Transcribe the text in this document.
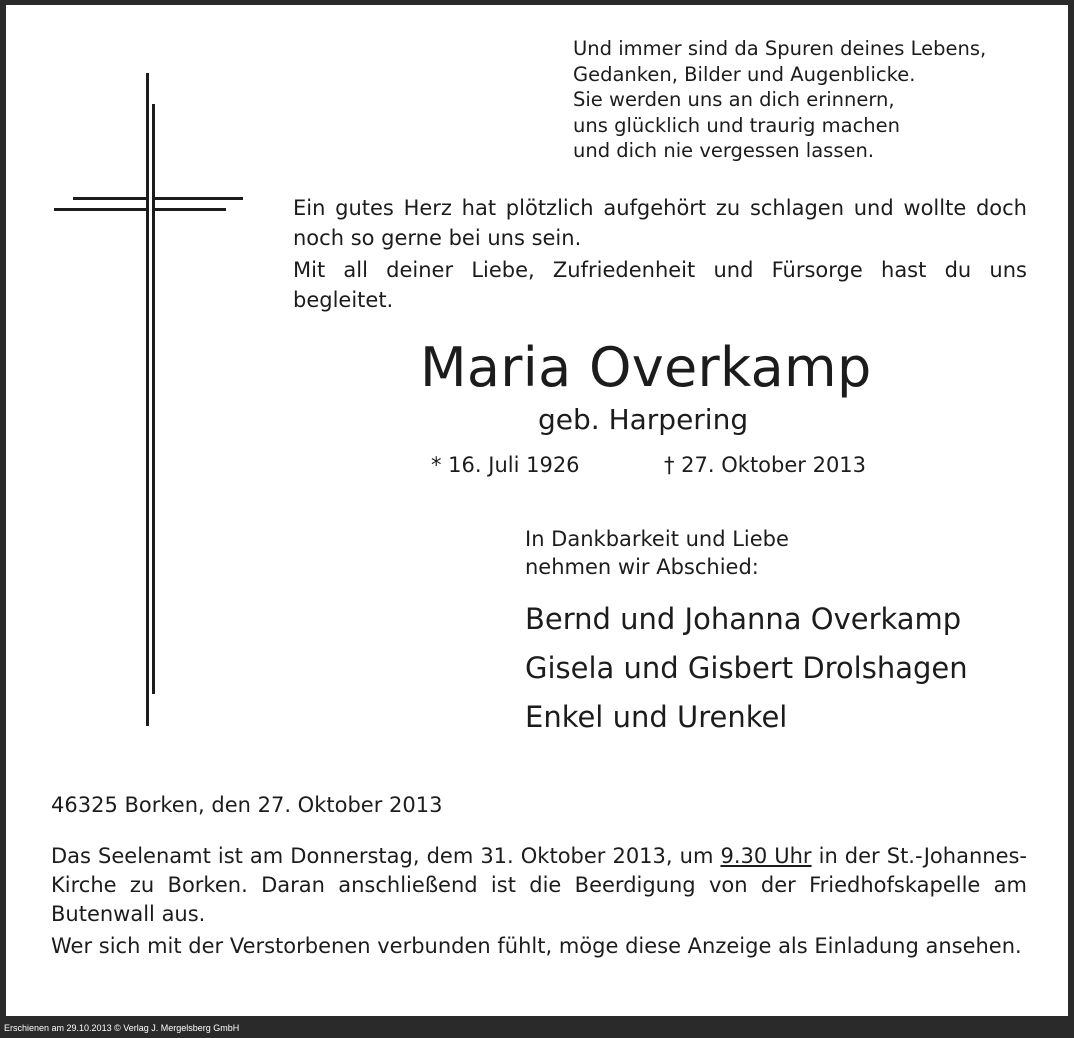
Erschienen am 29.10.2013 © Verlag J. Mergelsberg GmbH
Und immer sind da Spuren deines Lebens,
Gedanken, Bilder und Augenblicke.
Sie werden uns an dich erinnern,
uns glücklich und traurig machen
und dich nie vergessen lassen.

Ein gutes Herz hat plötzlich aufgehört zu schlagen und wollte doch noch so gerne bei uns sein.

Mit all deiner Liebe, Zufriedenheit und Fürsorge hast du uns begleitet.

Maria Overkamp
geb. Harpering
* 16. Juli 1926	† 27. Oktober 2013
In Dankbarkeit und Liebe
nehmen wir Abschied:
Bernd und Johanna Overkamp
Gisela und Gisbert Drolshagen
Enkel und Urenkel
46325 Borken, den 27. Oktober 2013

Das Seelenamt ist am Donnerstag, dem 31. Oktober 2013, um 9.30 Uhr in der St.-Johannes-Kirche zu Borken. Daran anschließend ist die Beerdigung von der Friedhofskapelle am Butenwall aus.

Wer sich mit der Verstorbenen verbunden fühlt, möge diese Anzeige als Einladung ansehen.
